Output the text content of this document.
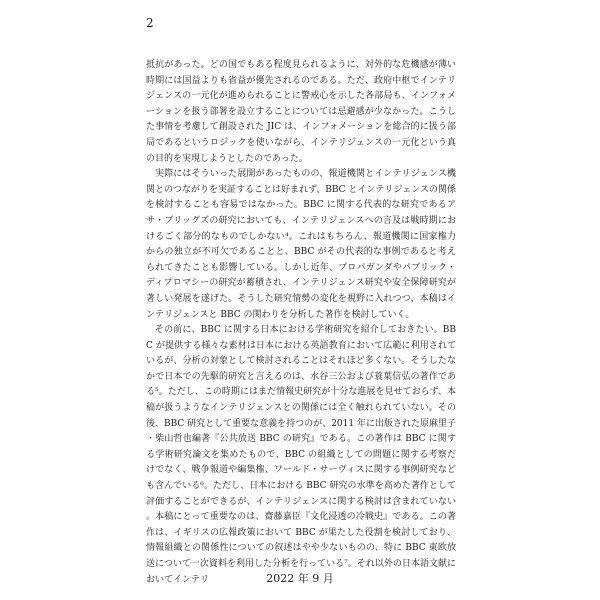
2

抵抗があった。どの国でもある程度見られるように、対外的な危機感が薄い時期には国益よりも省益が優先されるのである。ただ、政府中枢でインテリジェンスの一元化が進められることに警戒心を示した各部局も、インフォメーションを扱う部署を設立することについては忌避感が少なかった。こうした事情を考慮して創設された JIC は、インフォメーションを総合的に扱う部局であるというロジックを使いながら、インテリジェンスの一元化という真の目的を実現しようとしたのであった。

実際にはそういった展開があったものの、報道機関とインテリジェンス機関とのつながりを実証することは好まれず、BBC とインテリジェンスの関係を検討することも容易ではなかった。BBC に関する代表的な研究であるアサ・ブリッグズの研究においても、インテリジェンスへの言及は戦時期におけるごく部分的なものでしかない⁴。これはもちろん、報道機関に国家権力からの独立が不可欠であることと、BBC がその代表的な事例であると考えられてきたことも影響している。しかし近年、プロパガンダやパブリック・ディプロマシーの研究が蓄積され、インテリジェンス研究や安全保障研究が著しい発展を遂げた。そうした研究情勢の変化を視野に入れつつ、本稿はインテリジェンスと BBC の関わりを分析した著作を検討していく。

その前に、BBC に関する日本における学術研究を紹介しておきたい。BBC が提供する様々な素材は日本における英語教育において広範に利用されているが、分析の対象として検討されることはそれほど多くない。そうしたなかで日本での先駆的研究と言えるのは、水谷三公および蓑葉信弘の著作である⁵。ただし、この時期にはまだ情報史研究が十分な進展を見せておらず、本稿が扱うようなインテリジェンスとの関係には全く触れられていない。その後、BBC 研究として重要な意義を持つのが、2011 年に出版された原麻里子・柴山哲也編著『公共放送 BBC の研究』である。この著作は BBC に関する学術研究論文を集めたもので、BBC の組織としての問題に関する考察だけでなく、戦争報道や編集権、ワールド・サーヴィスに関する事例研究なども含んでいる⁶。ただし、日本における BBC 研究の水準を高めた著作として評価することができるが、インテリジェンスに関する検討は含まれていない。本稿にとって重要なのは、齋藤嘉臣『文化浸透の冷戦史』である。この著作は、イギリスの広報政策において BBC が果たした役割を検討しており、情報組織との関係性についての叙述はやや少ないものの、特に BBC 東欧放送について一次資料を利用した分析を行っている⁷。それ以外の日本語文献においてインテリ	2022 年 9 月
